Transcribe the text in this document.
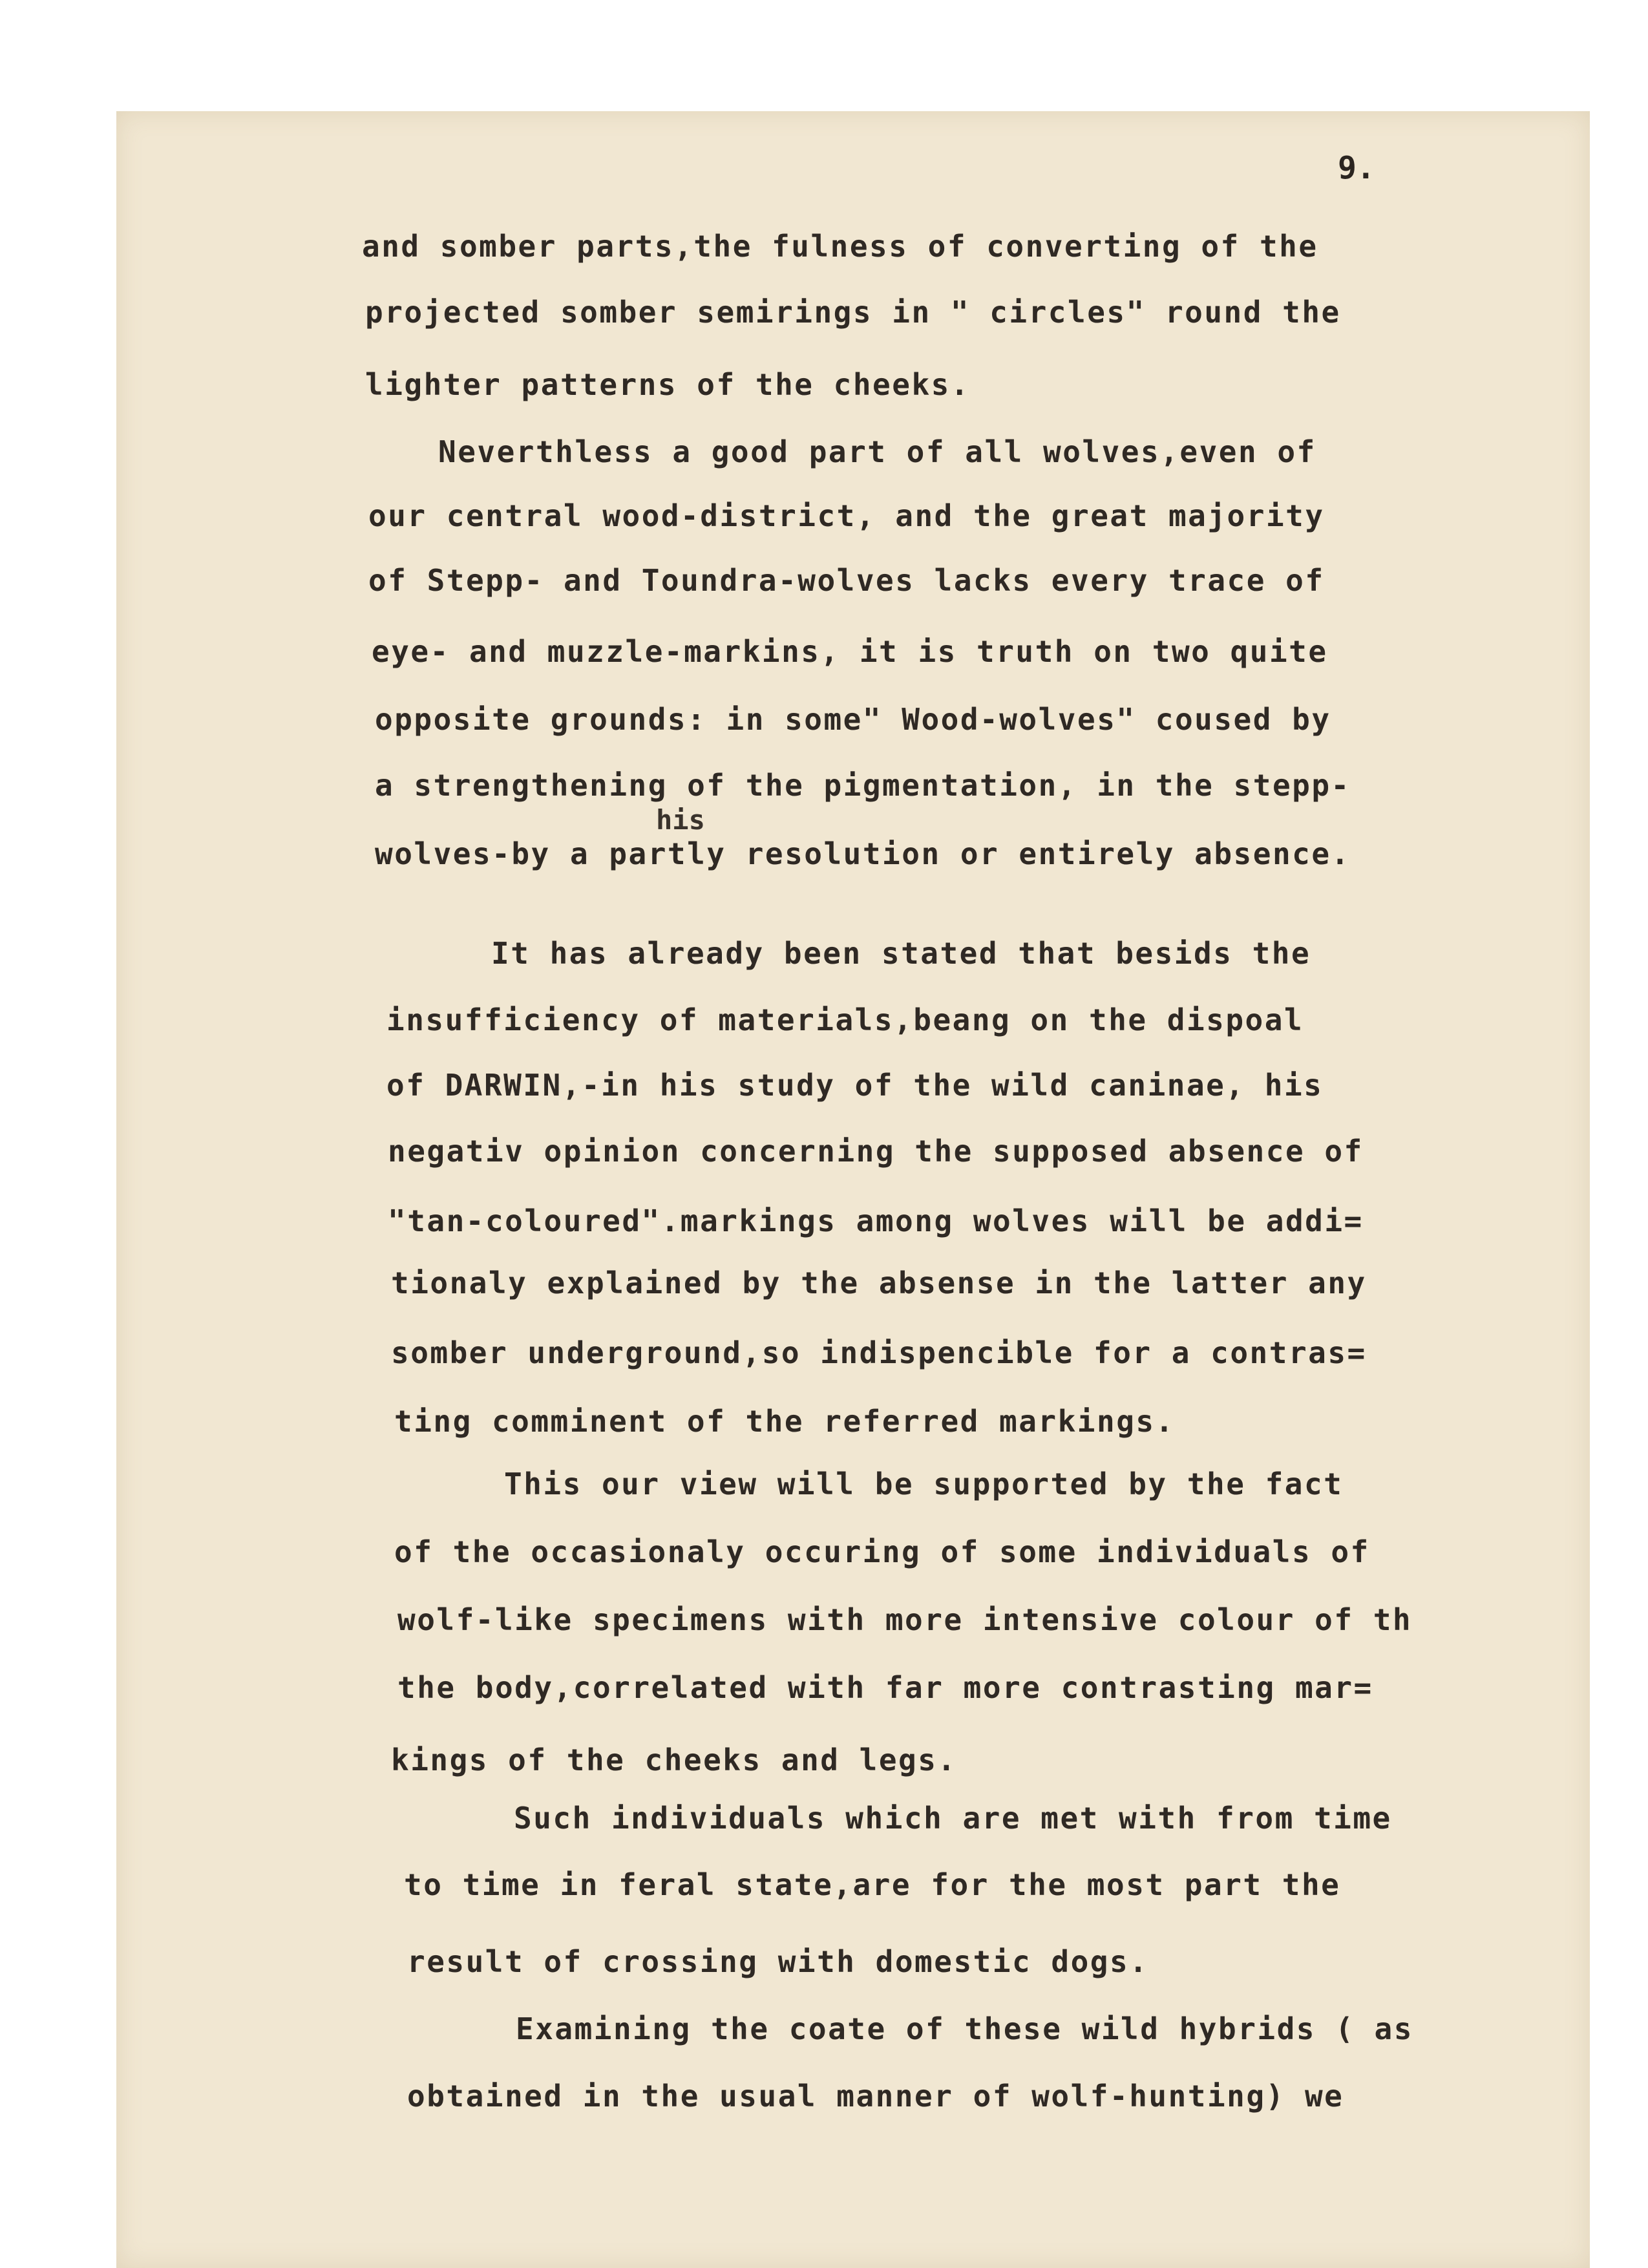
9.
his
and somber parts,the fulness of converting of the
projected somber semirings in " circles" round the
lighter patterns of the cheeks.
Neverthless a good part of all wolves,even of
our central wood-district, and the great majority
of Stepp- and Toundra-wolves lacks every trace of
eye- and muzzle-markins, it is truth on two quite
opposite grounds: in some" Wood-wolves" coused by
a strengthening of the pigmentation, in the stepp-
wolves-by a partly resolution or entirely absence.
It has already been stated that besids the
insufficiency of materials,beang on the dispoal
of DARWIN,-in his study of the wild caninae, his
negativ opinion concerning the supposed absence of
"tan-coloured".markings among wolves will be addi=
tionaly explained by the absense in the latter any
somber underground,so indispencible for a contras=
ting comminent of the referred markings.
This our view will be supported by the fact
of the occasionaly occuring of some individuals of
wolf-like specimens with more intensive colour of th
the body,correlated with far more contrasting mar=
kings of the cheeks and legs.
Such individuals which are met with from time
to time in feral state,are for the most part the
result of crossing with domestic dogs.
Examining the coate of these wild hybrids ( as
obtained in the usual manner of wolf-hunting) we
